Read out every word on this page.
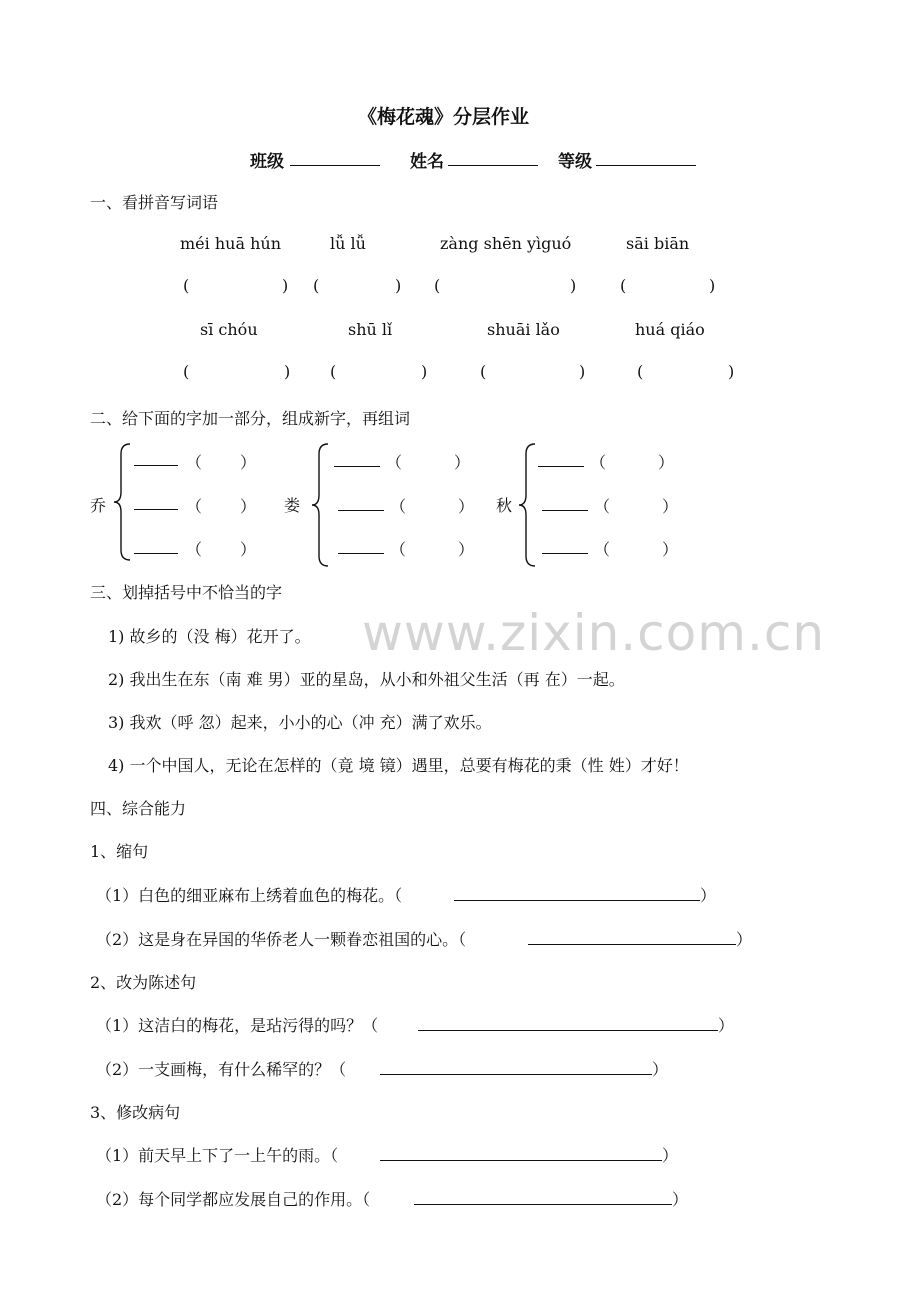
www.zixin.com.cn
《梅花魂》分层作业
班级	姓名	等级
一、看拼音写词语
méi huā hún	lǚ lǚ	zàng shēn yìguó	sāi biān
(	) (	) (	)	(	)
sī chóu	shū lǐ	shuāi lǎo	huá qiáo
(	) (	)	(	)	(	)
二、给下面的字加一部分，组成新字，再组词
乔
（ ）
（ ）
（ ）
娄
（	）
（	）
（	）
秋
（	）
（	）
（	）
三、划掉括号中不恰当的字
1) 故乡的（没 梅）花开了。
2) 我出生在东（南 难 男）亚的星岛，从小和外祖父生活（再 在）一起。
3) 我欢（呼 忽）起来，小小的心（冲 充）满了欢乐。
4) 一个中国人，无论在怎样的（竟 境 镜）遇里，总要有梅花的秉（性 姓）才好！
四、综合能力
1、缩句
（1）白色的细亚麻布上绣着血色的梅花。（	）
（2）这是身在异国的华侨老人一颗眷恋祖国的心。（	）
2、改为陈述句
（1）这洁白的梅花，是玷污得的吗？（	）
（2）一支画梅，有什么稀罕的？（	）
3、修改病句
（1）前天早上下了一上午的雨。（	）
（2）每个同学都应发展自己的作用。（	）
